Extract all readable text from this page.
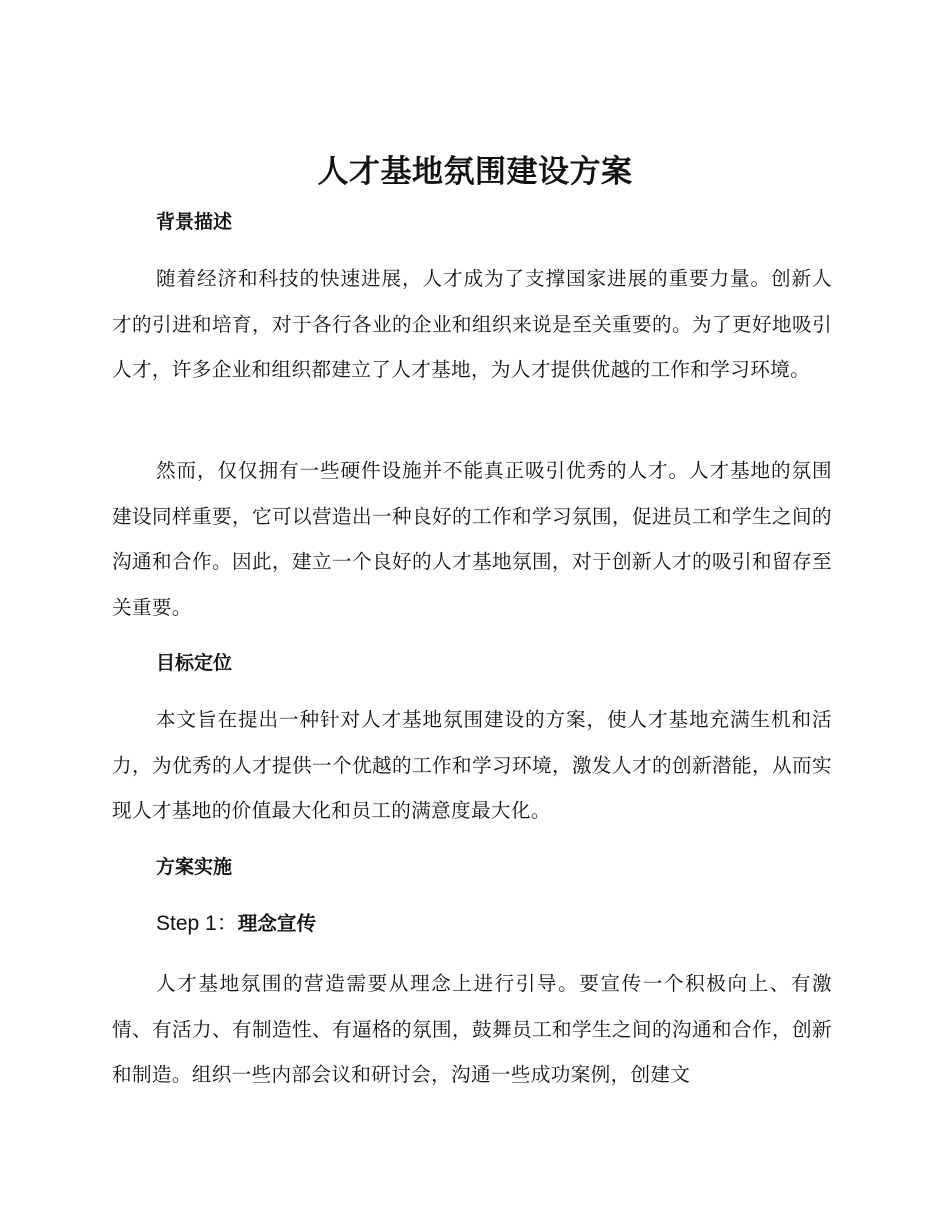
人才基地氛围建设方案
背景描述

随着经济和科技的快速进展，人才成为了支撑国家进展的重要力量。创新人才的引进和培育，对于各行各业的企业和组织来说是至关重要的。为了更好地吸引人才，许多企业和组织都建立了人才基地，为人才提供优越的工作和学习环境。

然而，仅仅拥有一些硬件设施并不能真正吸引优秀的人才。人才基地的氛围建设同样重要，它可以营造出一种良好的工作和学习氛围，促进员工和学生之间的沟通和合作。因此，建立一个良好的人才基地氛围，对于创新人才的吸引和留存至关重要。

目标定位

本文旨在提出一种针对人才基地氛围建设的方案，使人才基地充满生机和活力，为优秀的人才提供一个优越的工作和学习环境，激发人才的创新潜能，从而实现人才基地的价值最大化和员工的满意度最大化。

方案实施

Step 1：理念宣传

人才基地氛围的营造需要从理念上进行引导。要宣传一个积极向上、有激情、有活力、有制造性、有逼格的氛围，鼓舞员工和学生之间的沟通和合作，创新和制造。组织一些内部会议和研讨会，沟通一些成功案例，创建文
